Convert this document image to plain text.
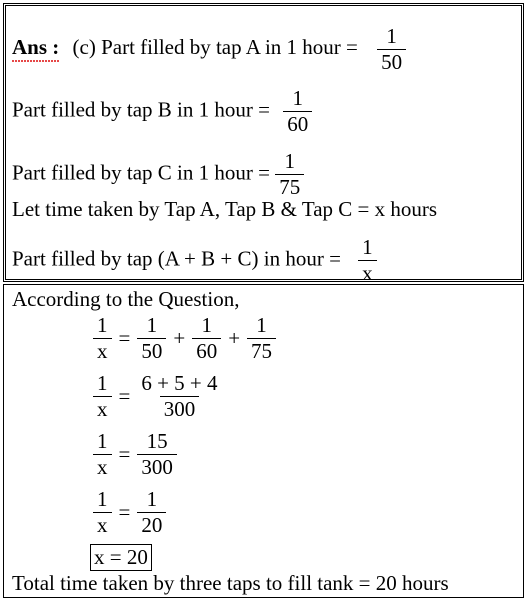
Ans : (c) Part filled by tap A in 1 hour = $\frac{1}{50}$
Part filled by tap B in 1 hour = $\frac{1}{60}$
Part filled by tap C in 1 hour = $\frac{1}{75}$
Let time taken by Tap A, Tap B & Tap C = x hours
Part filled by tap (A + B + C) in hour = $\frac{1}{x}$
According to the Question,
$\frac{1}{x} = \frac{1}{50} + \frac{1}{60} + \frac{1}{75}$
$\frac{1}{x} = \frac{6 + 5 + 4}{300}$
$\frac{1}{x} = \frac{15}{300}$
$\frac{1}{x} = \frac{1}{20}$
x = 20
Total time taken by three taps to fill tank = 20 hours
